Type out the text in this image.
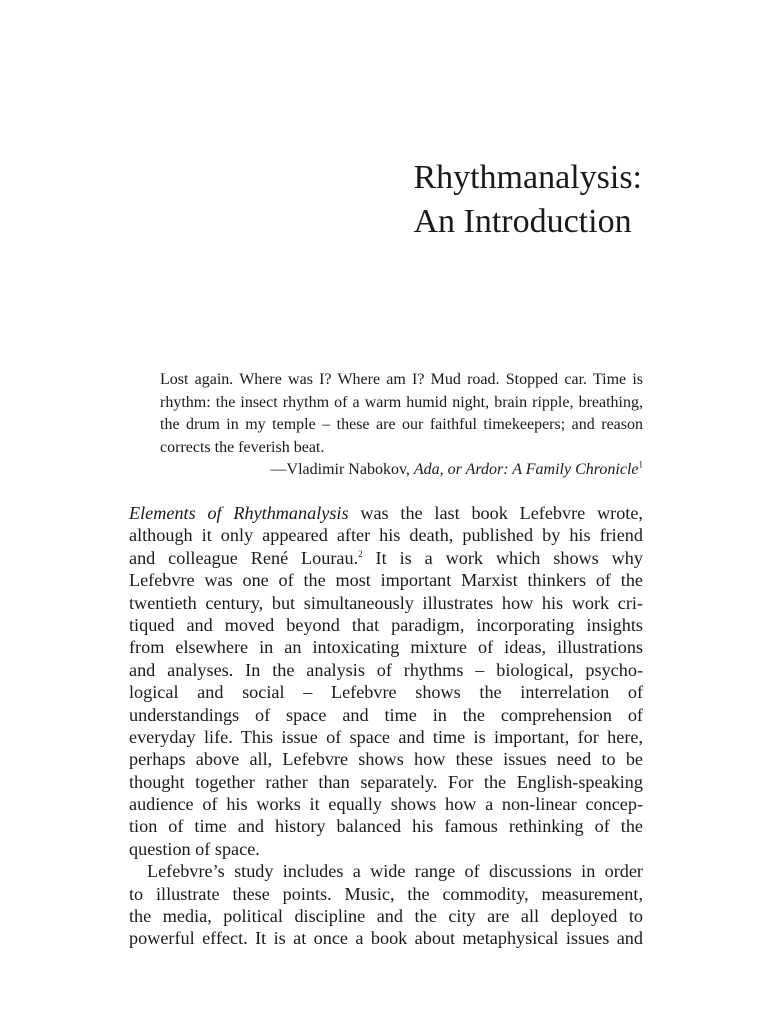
Rhythmanalysis:
An Introduction

Lost again. Where was I? Where am I? Mud road. Stopped car. Time is rhythm: the insect rhythm of a warm humid night, brain ripple, breathing, the drum in my temple – these are our faithful timekeepers; and reason corrects the feverish beat.

—Vladimir Nabokov, Ada, or Ardor: A Family Chronicle$^1$

Elements of Rhythmanalysis was the last book Lefebvre wrote,
although it only appeared after his death, published by his friend
and colleague René Lourau.$^2$ It is a work which shows why
Lefebvre was one of the most important Marxist thinkers of the
twentieth century, but simultaneously illustrates how his work cri-
tiqued and moved beyond that paradigm, incorporating insights
from elsewhere in an intoxicating mixture of ideas, illustrations
and analyses. In the analysis of rhythms – biological, psycho-
logical and social – Lefebvre shows the interrelation of
understandings of space and time in the comprehension of
everyday life. This issue of space and time is important, for here,
perhaps above all, Lefebvre shows how these issues need to be
thought together rather than separately. For the English-speaking
audience of his works it equally shows how a non-linear concep-
tion of time and history balanced his famous rethinking of the
question of space.

Lefebvre’s study includes a wide range of discussions in order
to illustrate these points. Music, the commodity, measurement,
the media, political discipline and the city are all deployed to
powerful effect. It is at once a book about metaphysical issues and
